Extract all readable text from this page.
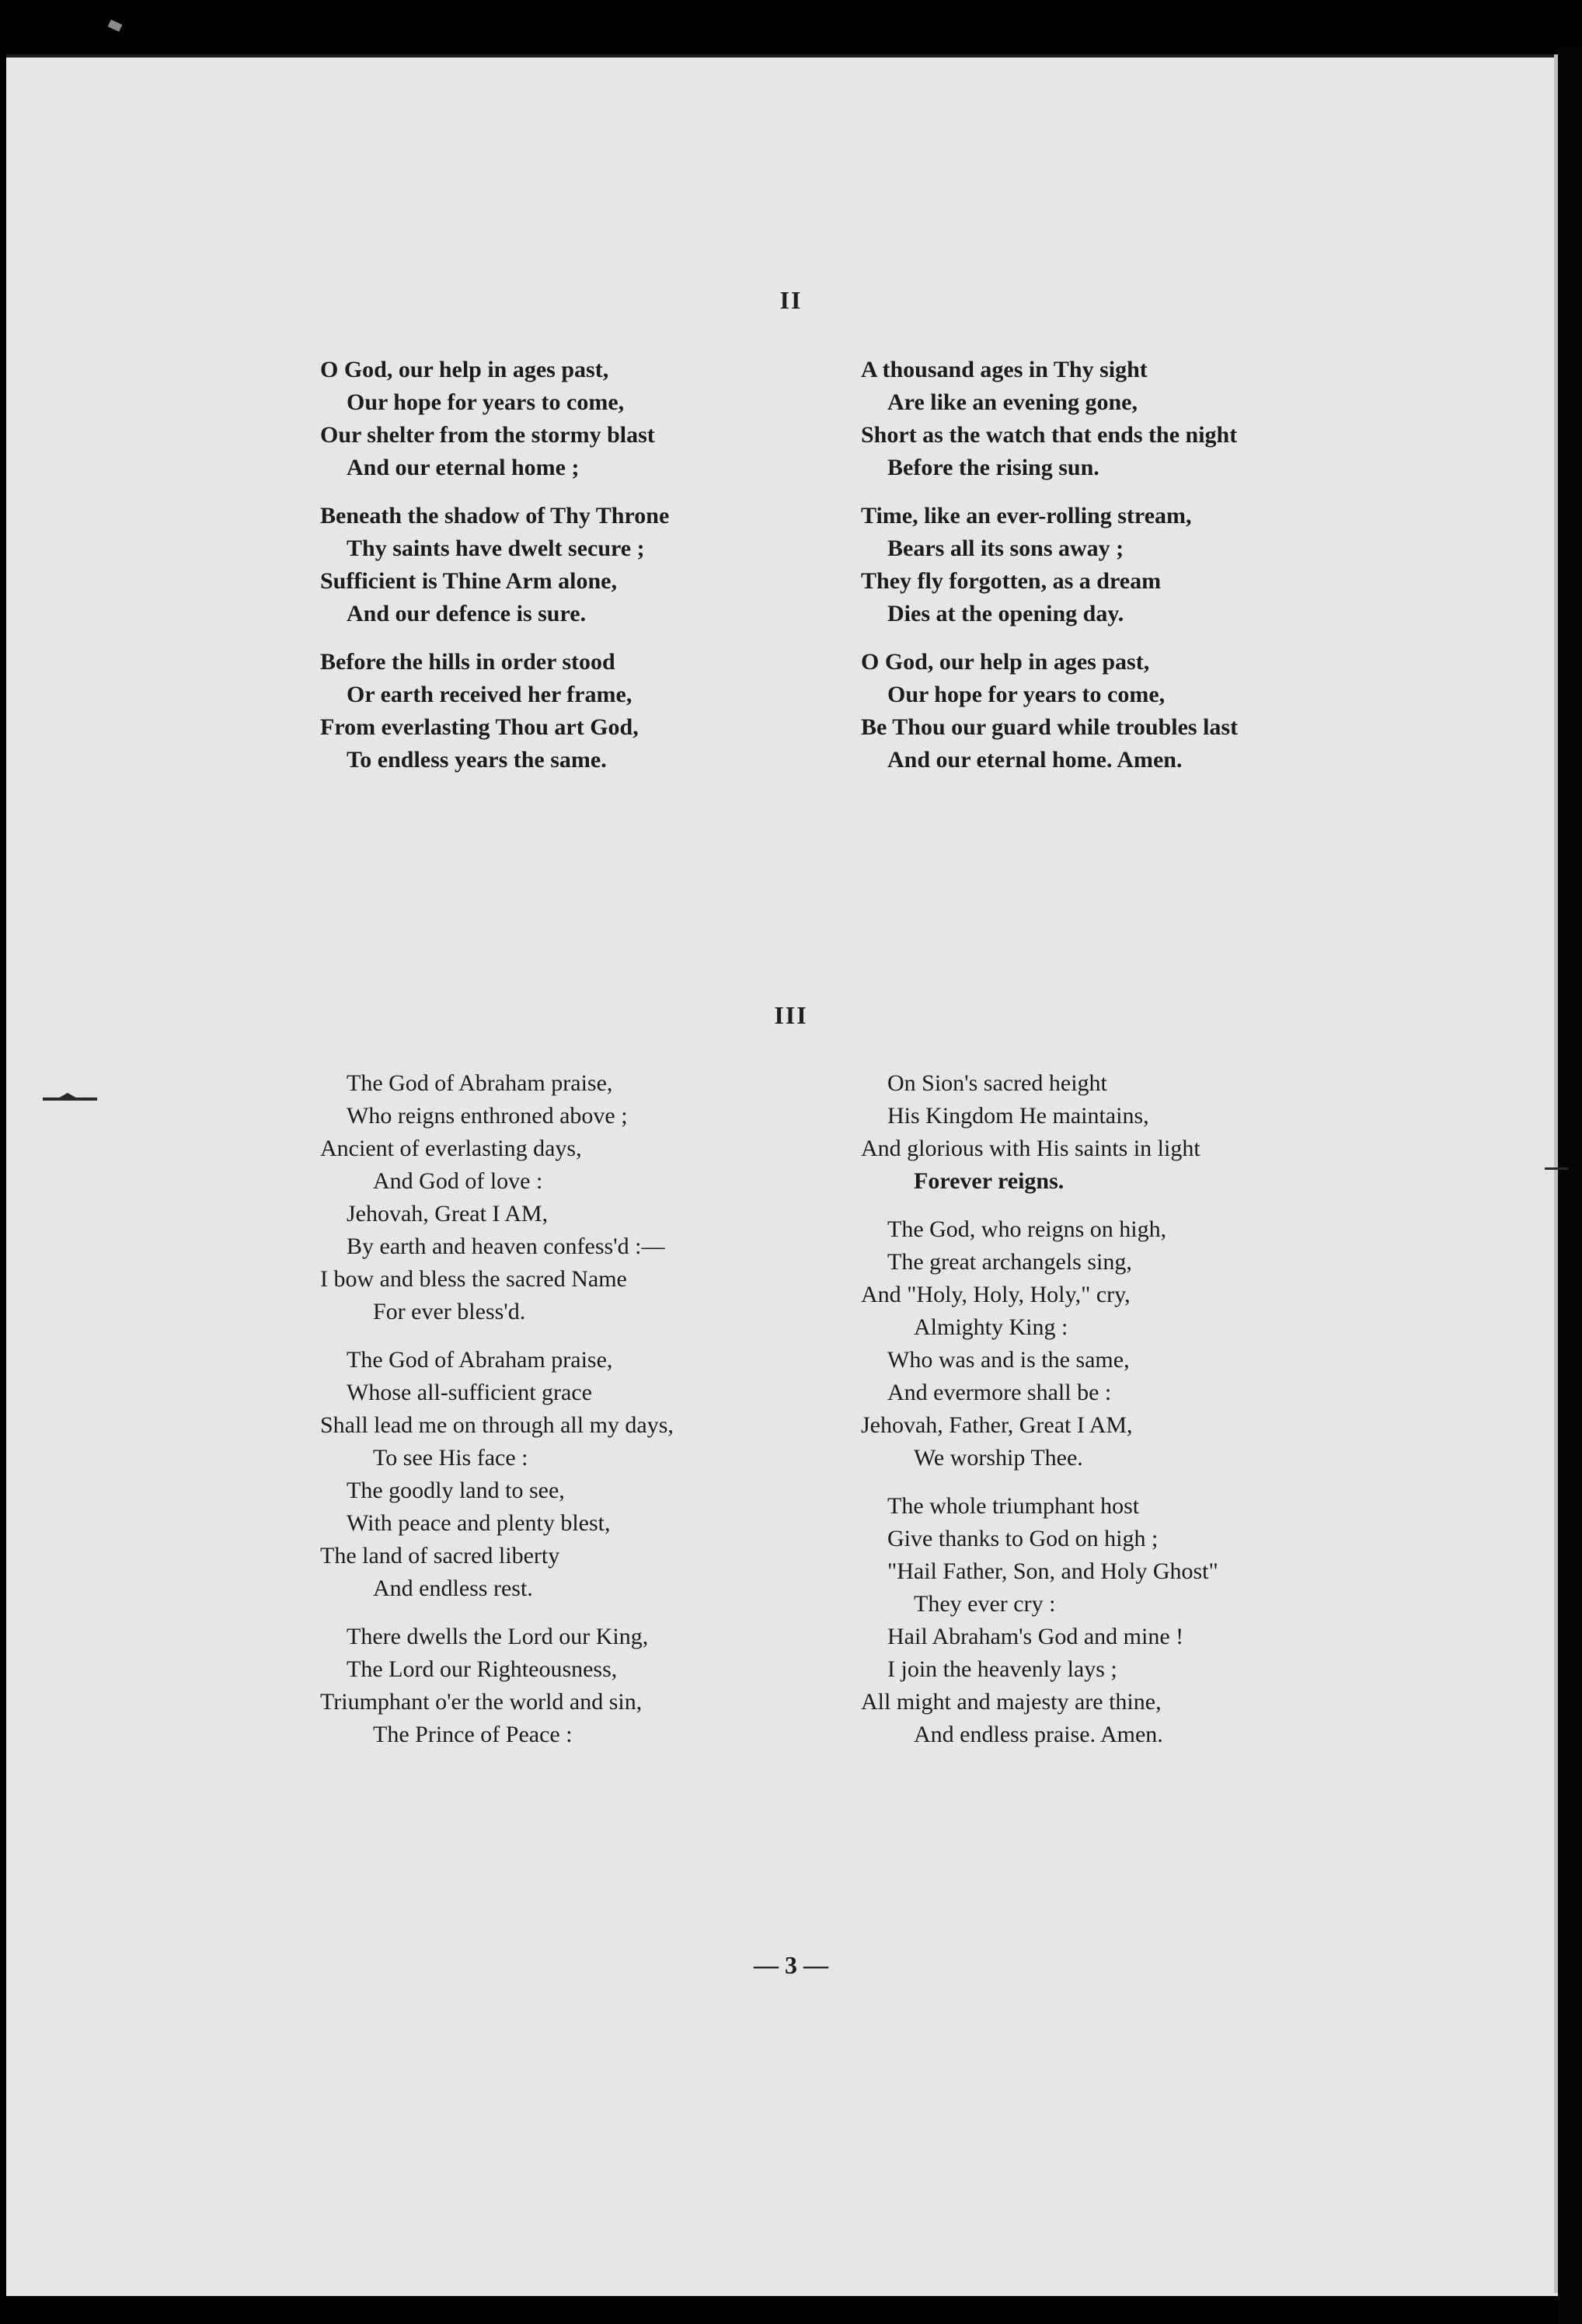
II
O God, our help in ages past,
Our hope for years to come,
Our shelter from the stormy blast
And our eternal home ;
Beneath the shadow of Thy Throne
Thy saints have dwelt secure ;
Sufficient is Thine Arm alone,
And our defence is sure.
Before the hills in order stood
Or earth received her frame,
From everlasting Thou art God,
To endless years the same.
A thousand ages in Thy sight
Are like an evening gone,
Short as the watch that ends the night
Before the rising sun.
Time, like an ever-rolling stream,
Bears all its sons away ;
They fly forgotten, as a dream
Dies at the opening day.
O God, our help in ages past,
Our hope for years to come,
Be Thou our guard while troubles last
And our eternal home. Amen.
III
The God of Abraham praise,
Who reigns enthroned above ;
Ancient of everlasting days,
And God of love :
Jehovah, Great I AM,
By earth and heaven confess'd :—
I bow and bless the sacred Name
For ever bless'd.
The God of Abraham praise,
Whose all-sufficient grace
Shall lead me on through all my days,
To see His face :
The goodly land to see,
With peace and plenty blest,
The land of sacred liberty
And endless rest.
There dwells the Lord our King,
The Lord our Righteousness,
Triumphant o'er the world and sin,
The Prince of Peace :
On Sion's sacred height
His Kingdom He maintains,
And glorious with His saints in light
Forever reigns.
The God, who reigns on high,
The great archangels sing,
And "Holy, Holy, Holy," cry,
Almighty King :
Who was and is the same,
And evermore shall be :
Jehovah, Father, Great I AM,
We worship Thee.
The whole triumphant host
Give thanks to God on high ;
"Hail Father, Son, and Holy Ghost"
They ever cry :
Hail Abraham's God and mine !
I join the heavenly lays ;
All might and majesty are thine,
And endless praise. Amen.
— 3 —
